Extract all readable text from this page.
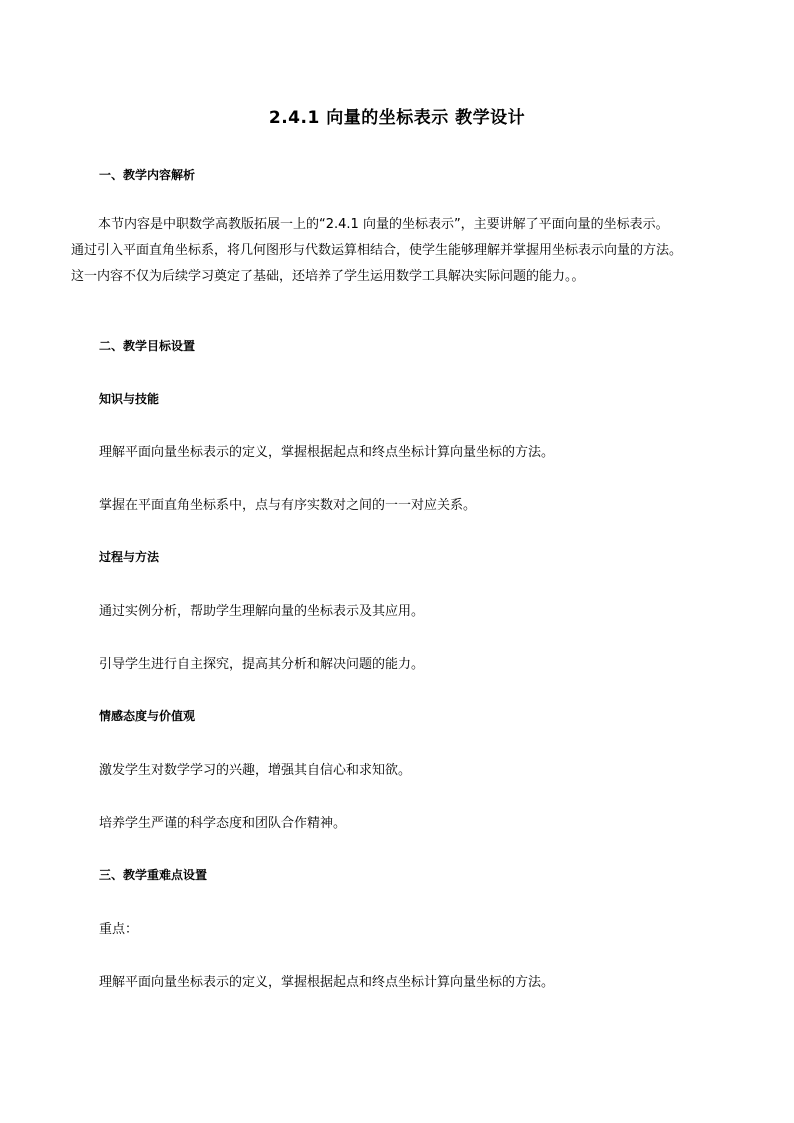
2.4.1 向量的坐标表示 教学设计
一、教学内容解析
本节内容是中职数学高教版拓展一上的“2.4.1 向量的坐标表示”，主要讲解了平面向量的坐标表示。
通过引入平面直角坐标系，将几何图形与代数运算相结合，使学生能够理解并掌握用坐标表示向量的方法。
这一内容不仅为后续学习奠定了基础，还培养了学生运用数学工具解决实际问题的能力。。
二、教学目标设置
知识与技能
理解平面向量坐标表示的定义，掌握根据起点和终点坐标计算向量坐标的方法。
掌握在平面直角坐标系中，点与有序实数对之间的一一对应关系。
过程与方法
通过实例分析，帮助学生理解向量的坐标表示及其应用。
引导学生进行自主探究，提高其分析和解决问题的能力。
情感态度与价值观
激发学生对数学学习的兴趣，增强其自信心和求知欲。
培养学生严谨的科学态度和团队合作精神。
三、教学重难点设置
重点：
理解平面向量坐标表示的定义，掌握根据起点和终点坐标计算向量坐标的方法。
